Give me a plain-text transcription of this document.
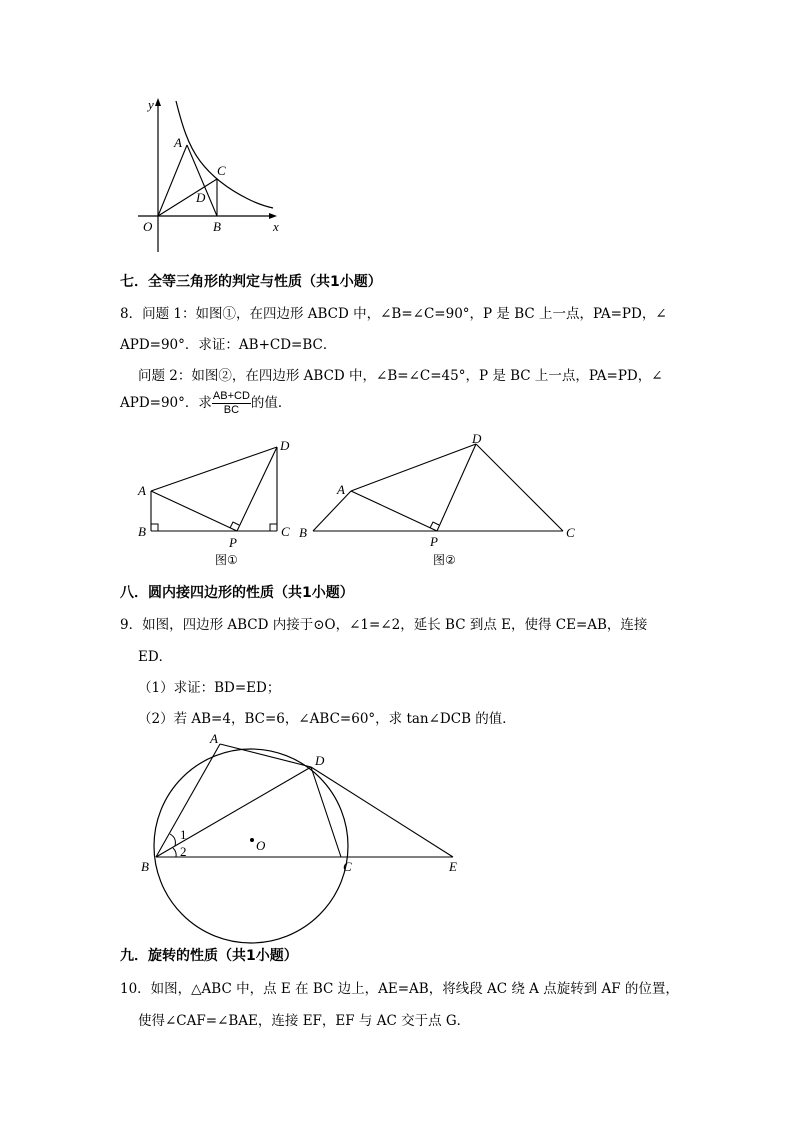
y
A
C
D
O	B	x
七．全等三角形的判定与性质（共1小题）
8．问题 1：如图①，在四边形 ABCD 中，∠B=∠C=90°，P 是 BC 上一点，PA=PD，∠
APD=90°．求证：AB+CD=BC．
问题 2：如图②，在四边形 ABCD 中，∠B=∠C=45°，P 是 BC 上一点，PA=PD，∠
APD=90°．求 $\frac{AB+CD}{BC}$ 的值．
A
B	C
D
P
图①
A
B	C
D
P
图②
八．圆内接四边形的性质（共1小题）
9．如图，四边形 ABCD 内接于⊙O，∠1=∠2，延长 BC 到点 E，使得 CE=AB，连接
ED．
（1）求证：BD=ED；
（2）若 AB=4，BC=6，∠ABC=60°，求 tan∠DCB 的值．
A
D
B	C	E
O
1
2
九．旋转的性质（共1小题）
10．如图，△ABC 中，点 E 在 BC 边上，AE=AB，将线段 AC 绕 A 点旋转到 AF 的位置，
使得∠CAF=∠BAE，连接 EF，EF 与 AC 交于点 G．
